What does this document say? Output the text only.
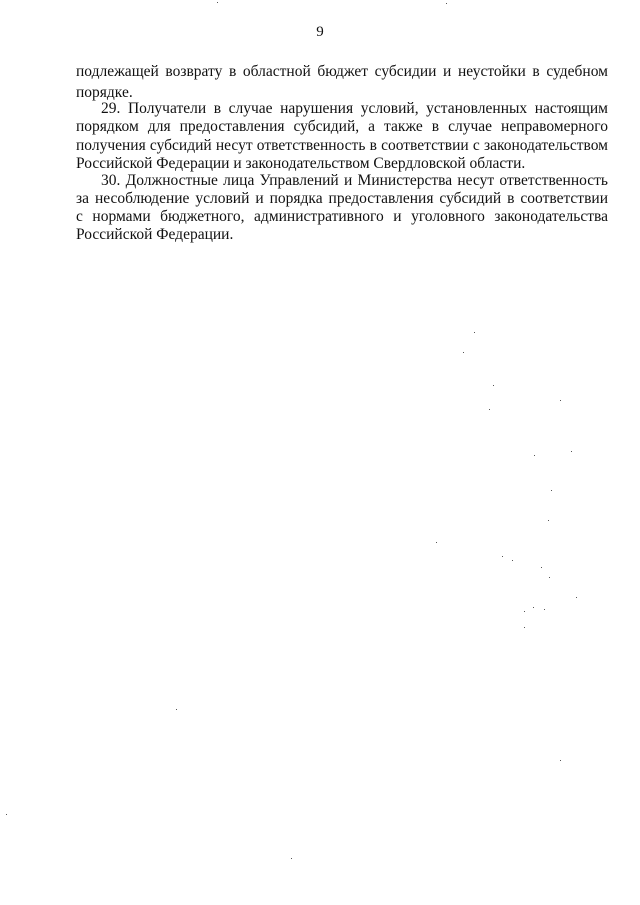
9
подлежащей возврату в областной бюджет субсидии и неустойки в судебном
порядке.
29. Получатели в случае нарушения условий, установленных настоящим
порядком для предоставления субсидий, а также в случае неправомерного
получения субсидий несут ответственность в соответствии с законодательством
Российской Федерации и законодательством Свердловской области.
30. Должностные лица Управлений и Министерства несут ответственность
за несоблюдение условий и порядка предоставления субсидий в соответствии
с нормами бюджетного, административного и уголовного законодательства
Российской Федерации.
